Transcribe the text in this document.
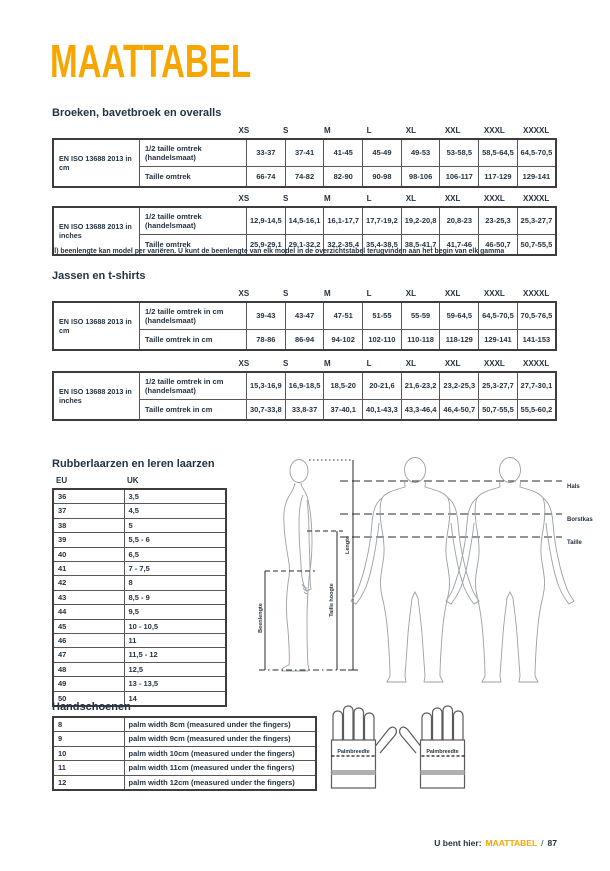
MAATTABEL
Broeken, bavetbroek en overalls
XS	S	M	L	XL	XXL	XXXL	XXXXL
EN ISO 13688 2013 in cm	1/2 taille omtrek (handelsmaat)	33-37	37-41	41-45	45-49	49-53	53-58,5	58,5-64,5	64,5-70,5
	Taille omtrek	66-74	74-82	82-90	90-98	98-106	106-117	117-129	129-141
XS	S	M	L	XL	XXL	XXXL	XXXXL
EN ISO 13688 2013 in inches	1/2 taille omtrek (handelsmaat)	12,9-14,5	14,5-16,1	16,1-17,7	17,7-19,2	19,2-20,8	20,8-23	23-25,3	25,3-27,7
	Taille omtrek	25,9-29,1	29,1-32,2	32,2-35,4	35,4-38,5	38,5-41,7	41,7-46	46-50,7	50,7-55,5

(l) beenlengte kan model per variëren. U kunt de beenlengte van elk model in de overzichtstabel terugvinden aan het begin van elk gamma

Jassen en t-shirts
XS	S	M	L	XL	XXL	XXXL	XXXXL
EN ISO 13688 2013 in cm	1/2 taille omtrek in cm (handelsmaat)	39-43	43-47	47-51	51-55	55-59	59-64,5	64,5-70,5	70,5-76,5
	Taille omtrek in cm	78-86	86-94	94-102	102-110	110-118	118-129	129-141	141-153
XS	S	M	L	XL	XXL	XXXL	XXXXL
EN ISO 13688 2013 in inches	1/2 taille omtrek in cm (handelsmaat)	15,3-16,9	16,9-18,5	18,5-20	20-21,6	21,6-23,2	23,2-25,3	25,3-27,7	27,7-30,1
	Taille omtrek in cm	30,7-33,8	33,8-37	37-40,1	40,1-43,3	43,3-46,4	46,4-50,7	50,7-55,5	55,5-60,2
Rubberlaarzen en leren laarzen
EU	UK
36	3,5
37	4,5
38	5
39	5,5 - 6
40	6,5
41	7 - 7,5
42	8
43	8,5 - 9
44	9,5
45	10 - 10,5
46	11
47	11,5 - 12
48	12,5
49	13 - 13,5
50	14
Lengte
Taille hoogte
Beenlengte
Hals
Borstkas
Taille
Handschoenen
8	palm width 8cm (measured under the fingers)
9	palm width 9cm (measured under the fingers)
10	palm width 10cm (measured under the fingers)
11	palm width 11cm (measured under the fingers)
12	palm width 12cm (measured under the fingers)
Palmbreedte	Palmbreedte
U bent hier: MAATTABEL / 87
